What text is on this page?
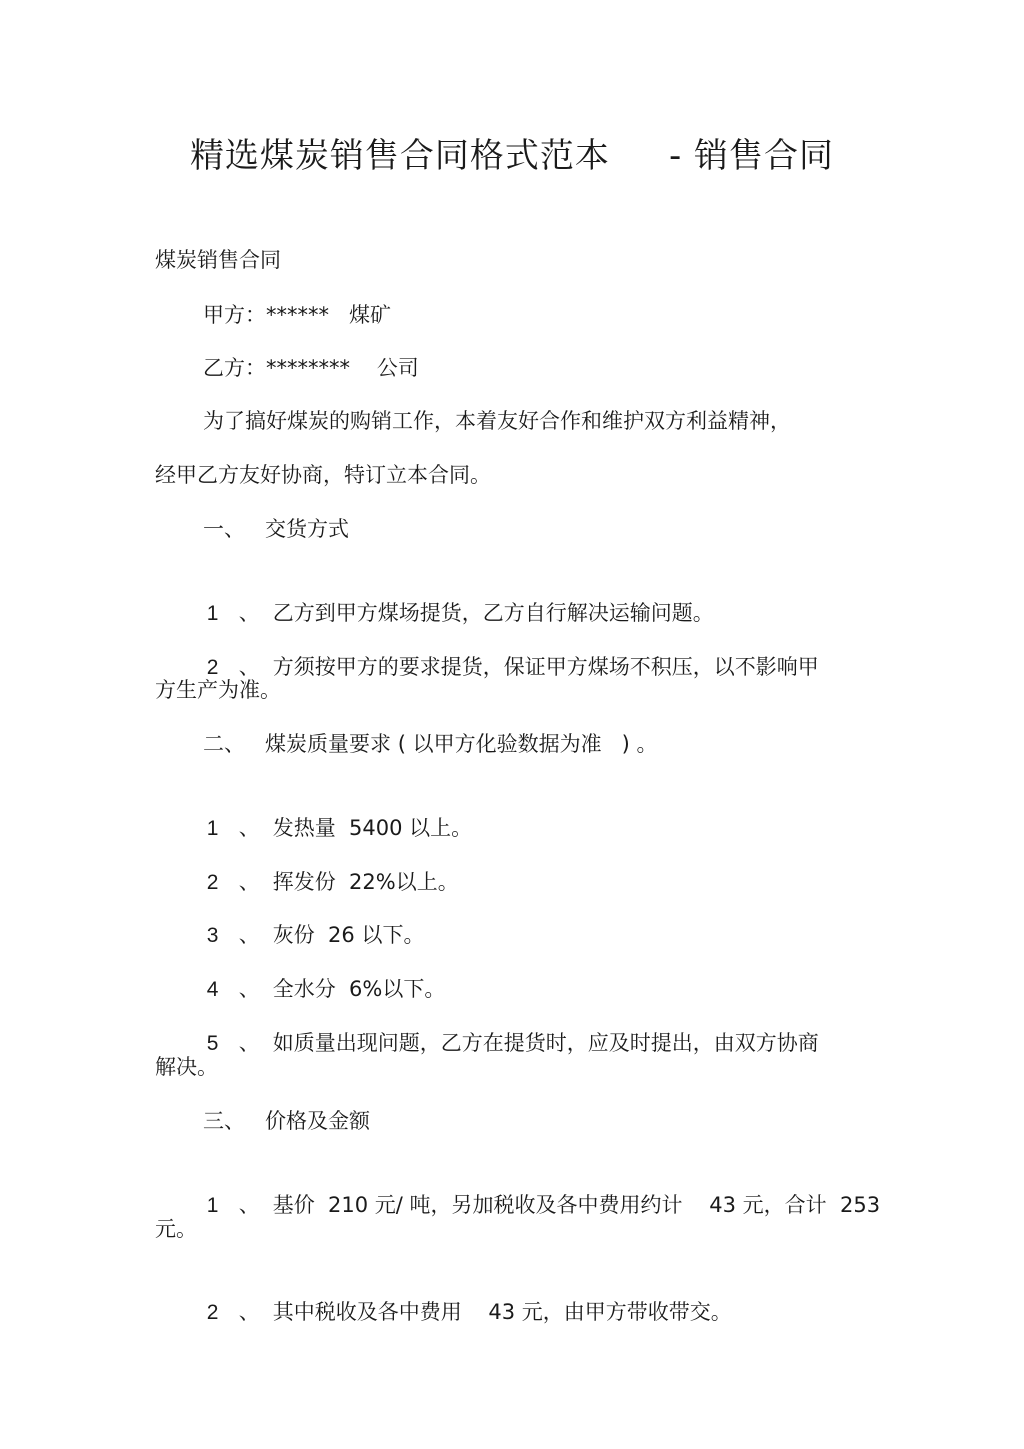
精选煤炭销售合同格式范本     - 销售合同
煤炭销售合同
甲方：******   煤矿
乙方：********    公司
为了搞好煤炭的购销工作，本着友好合作和维护双方利益精神，
经甲乙方友好协商，特订立本合同。
一、   交货方式

1 、 乙方到甲方煤场提货，乙方自行解决运输问题。

2 、 方须按甲方的要求提货，保证甲方煤场不积压，以不影响甲

方生产为准。
二、   煤炭质量要求 ( 以甲方化验数据为准   ) 。

1 、 发热量  5400 以上。

2 、 挥发份  22%以上。

3 、 灰份  26 以下。

4 、 全水分  6%以下。

5 、 如质量出现问题，乙方在提货时，应及时提出，由双方协商

解决。
三、   价格及金额

1 、 基价  210 元/ 吨，另加税收及各中费用约计    43 元，合计  253

元。

2 、 其中税收及各中费用    43 元，由甲方带收带交。
